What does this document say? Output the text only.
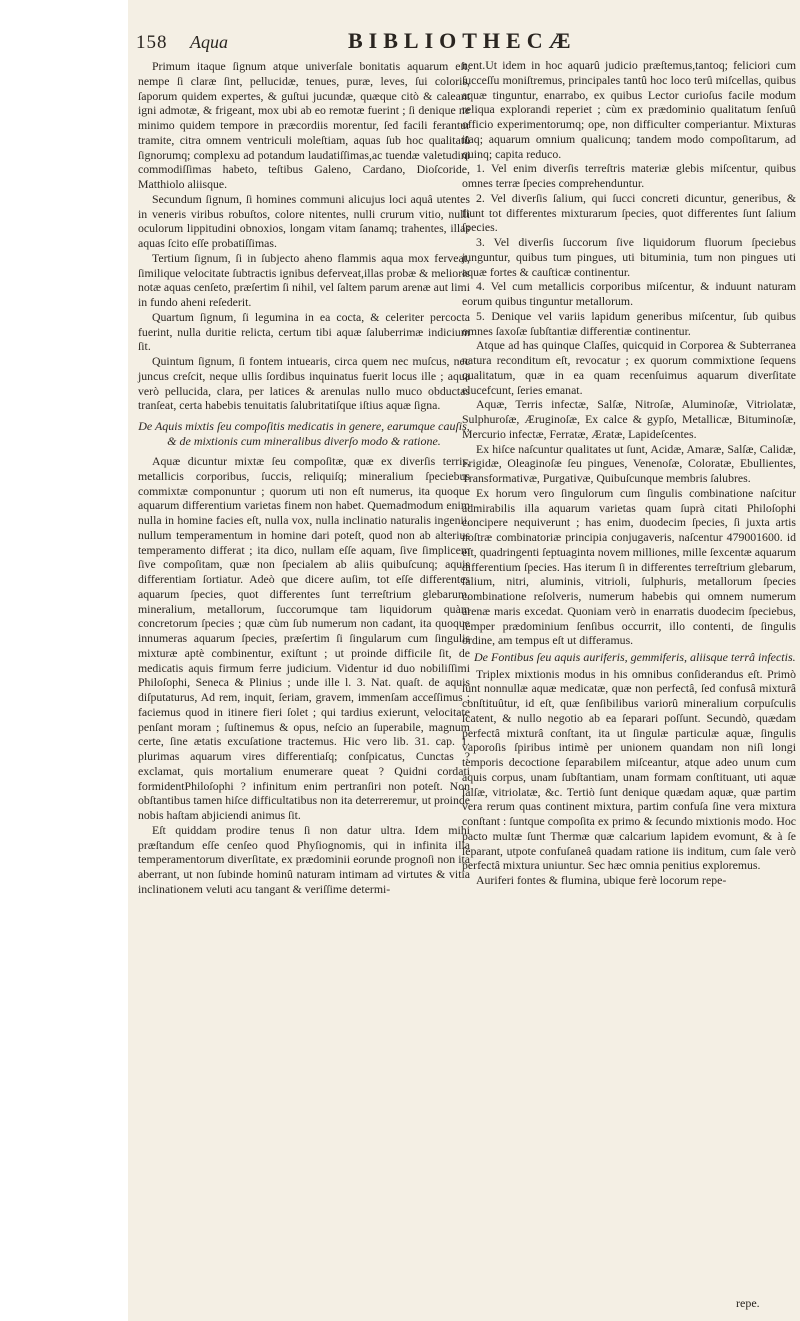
158 Aqua	BIBLIOTHECÆ

Primum itaque ſignum atque univerſale bonitatis aquarum eſt, nempe ſi claræ ſint, pellucidæ, tenues, puræ, leves, ſui coloris, ſaporum quidem expertes, & guſtui jucundæ, quæque citò & caleant igni admotæ, & frigeant, mox ubi ab eo remotæ fuerint ; ſi denique ne minimo quidem tempore in præcordiis morentur, ſed facili ferantur tramite, citra omnem ventriculi moleſtiam, aquas ſub hoc qualitatû ſignorumq; complexu ad potandum laudatiſſimas,ac tuendæ valetudini commodiſſimas habeto, teſtibus Galeno, Cardano, Dioſcoride, Matthiolo aliisque.

Secundum ſignum, ſi homines communi alicujus loci aquâ utentes in veneris viribus robuſtos, colore nitentes, nulli crurum vitio, nulli oculorum lippitudini obnoxios, longam vitam ſanamq; trahentes, illas aquas ſcito eſſe probatiſſimas.

Tertium ſignum, ſi in ſubjecto aheno flammis aqua mox ferveat, ſimilique velocitate ſubtractis ignibus deferveat,illas probæ & melioris notæ aquas cenſeto, præſertim ſi nihil, vel ſaltem parum arenæ aut limi in fundo aheni reſederit.

Quartum ſignum, ſi legumina in ea cocta, & celeriter percocta fuerint, nulla duritie relicta, certum tibi aquæ ſaluberrimæ indicium ſit.

Quintum ſignum, ſi fontem intuearis, circa quem nec muſcus, nec juncus creſcit, neque ullis ſordibus inquinatus fuerit locus ille ; aqua verò pellucida, clara, per latices & arenulas nullo muco obductas tranſeat, certa habebis tenuitatis ſalubritatiſque iſtius aquæ ſigna.

De Aquis mixtis ſeu compoſitis medicatis in genere, earumque cauſis, & de mixtionis cum mineralibus diverſo modo & ratione.

Aquæ dicuntur mixtæ ſeu compoſitæ, quæ ex diverſis terris, metallicis corporibus, ſuccis, reliquiſq; mineralium ſpeciebus commixtæ componuntur ; quorum uti non eſt numerus, ita quoque aquarum differentium varietas finem non habet. Quemadmodum enim nulla in homine facies eſt, nulla vox, nulla inclinatio naturalis ingenii, nullum temperamentum in homine dari poteſt, quod non ab alterius temperamento differat ; ita dico, nullam eſſe aquam, ſive ſimplicem ſive compoſitam, quæ non ſpecialem ab aliis quibuſcunq; aquis differentiam ſortiatur. Adeò que dicere auſim, tot eſſe differentes aquarum ſpecies, quot differentes ſunt terreſtrium glebarum, mineralium, metallorum, ſuccorumque tam liquidorum quàm concretorum ſpecies ; quæ cùm ſub numerum non cadant, ita quoque innumeras aquarum ſpecies, præſertim ſi ſingularum cum ſingulis mixturæ aptè combinentur, exiſtunt ; ut proinde difficile ſit, de medicatis aquis firmum ferre judicium. Videntur id duo nobiliſſimi Philoſophi, Seneca & Plinius ; unde ille l. 3. Nat. quaſt. de aquis diſputaturus, Ad rem, inquit, ſeriam, gravem, immenſam acceſſimus ; faciemus quod in itinere fieri ſolet ; qui tardius exierunt, velocitate penſant moram ; ſuſtinemus & opus, neſcio an ſuperabile, magnum certe, ſine ætatis excuſatione tractemus. Hic vero lib. 31. cap. 1. plurimas aquarum vires differentiaſq; conſpicatus, Cunctas ? exclamat, quis mortalium enumerare queat ? Quidni cordati formidentPhiloſophi ? infinitum enim pertranſiri non poteſt. Non obſtantibus tamen hiſce difficultatibus non ita deterreremur, ut proinde nobis haſtam abjiciendi animus ſit.

Eſt quiddam prodire tenus ſi non datur ultra. Idem mihi præſtandum eſſe cenſeo quod Phyſiognomis, qui in infinita illa temperamentorum diverſitate, ex prædominii eorunde prognoſi non ita aberrant, ut non ſubinde hominû naturam intimam ad virtutes & vitia inclinationem veluti acu tangant & veriſſime determi-

nent.Ut idem in hoc aquarû judicio præſtemus,tantoq; feliciori cum ſucceſſu moniſtremus, principales tantû hoc loco terû miſcellas, quibus aquæ tinguntur, enarrabo, ex quibus Lector curioſus facile modum reliqua explorandi reperiet ; cùm ex prædominio qualitatum ſenſuû officio experimentorumq; ope, non difficulter comperiantur. Mixturas itaq; aquarum omnium qualicunq; tandem modo compoſitarum, ad quinq; capita reduco.

1. Vel enim diverſis terreſtris materiæ glebis miſcentur, quibus omnes terræ ſpecies comprehenduntur.

2. Vel diverſis ſalium, qui ſucci concreti dicuntur, generibus, & fiunt tot differentes mixturarum ſpecies, quot differentes ſunt ſalium ſpecies.

3. Vel diverſis ſuccorum ſive liquidorum fluorum ſpeciebus junguntur, quibus tum pingues, uti bituminia, tum non pingues uti aquæ fortes & cauſticæ continentur.

4. Vel cum metallicis corporibus miſcentur, & induunt naturam eorum quibus tinguntur metallorum.

5. Denique vel variis lapidum generibus miſcentur, ſub quibus omnes ſaxoſæ ſubſtantiæ differentiæ continentur.

Atque ad has quinque Claſſes, quicquid in Corporea & Subterranea natura reconditum eſt, revocatur ; ex quorum commixtione ſequens qualitatum, quæ in ea quam recenſuimus aquarum diverſitate elucefcunt, ſeries emanat.

Aquæ, Terris infectæ, Salſæ, Nitroſæ, Aluminoſæ, Vitriolatæ, Sulphuroſæ, Æruginoſæ, Ex calce & gypſo, Metallicæ, Bituminoſæ, Mercurio infectæ, Ferratæ, Æratæ, Lapideſcentes.

Ex hiſce naſcuntur qualitates ut ſunt, Acidæ, Amaræ, Salſæ, Calidæ, Frigidæ, Oleaginoſæ ſeu pingues, Venenoſæ, Coloratæ, Ebullientes, Transformativæ, Purgativæ, Quibuſcunque membris ſalubres.

Ex horum vero ſingulorum cum ſingulis combinatione naſcitur admirabilis illa aquarum varietas quam ſuprà citati Philoſophi concipere nequiverunt ; has enim, duodecim ſpecies, ſi juxta artis noſtræ combinatoriæ principia conjugaveris, naſcentur 479001600. id eſt, quadringenti ſeptuaginta novem milliones, mille ſexcentæ aquarum differentium ſpecies. Has iterum ſi in differentes terreſtrium glebarum, ſalium, nitri, aluminis, vitrioli, ſulphuris, metallorum ſpecies combinatione reſolveris, numerum habebis qui omnem numerum arenæ maris excedat. Quoniam verò in enarratis duodecim ſpeciebus, ſemper prædominium ſenſibus occurrit, illo contenti, de ſingulis ordine, am tempus eſt ut differamus.

De Fontibus ſeu aquis auriferis, gemmiferis, aliisque terrâ infectis.

Triplex mixtionis modus in his omnibus conſiderandus eſt. Primò ſunt nonnullæ aquæ medicatæ, quæ non perfectâ, ſed confusâ mixturâ conſtituûtur, id eſt, quæ ſenſibilibus variorû mineralium corpuſculis ſcatent, & nullo negotio ab ea ſeparari poſſunt. Secundò, quædam perfectâ mixturâ conſtant, ita ut ſingulæ particulæ aquæ, ſingulis vaporoſis ſpiribus intimè per unionem quandam non niſi longi temporis decoctione ſeparabilem miſceantur, atque adeo unum cum aquis corpus, unam ſubſtantiam, unam formam conſtituant, uti aquæ ſalſæ, vitriolatæ, &c. Tertiò ſunt denique quædam aquæ, quæ partim vera rerum quas continent mixtura, partim confuſa ſine vera mixtura conſtant : ſuntque compoſita ex primo & ſecundo mixtionis modo. Hoc pacto multæ ſunt Thermæ quæ calcarium lapidem evomunt, & à ſe ſeparant, utpote confuſaneâ quadam ratione iis inditum, cum ſale verò perfectâ mixtura uniuntur. Sec hæc omnia penitius exploremus.

Auriferi fontes & flumina, ubique ferè locorum repe-

repe.
